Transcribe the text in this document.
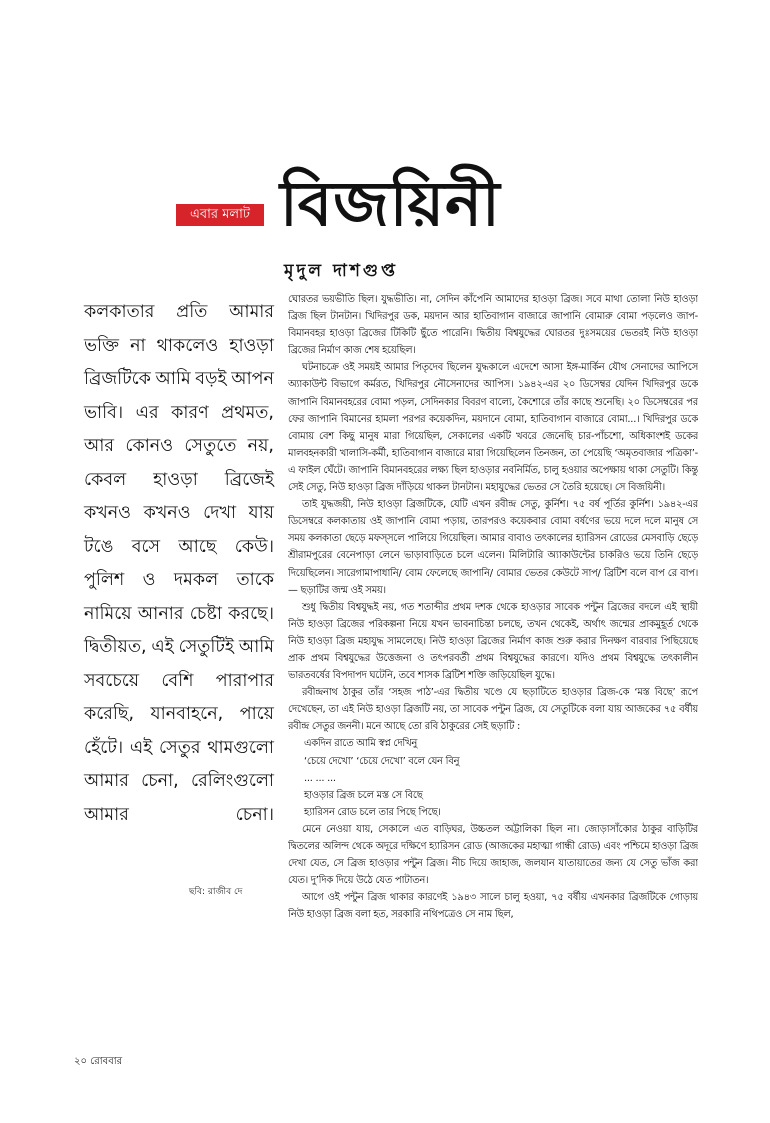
এবার মলাট বিজয়িনী
মৃদুল দাশগুপ্ত

কলকাতার প্রতি আমার ভক্তি না থাকলেও হাওড়া ব্রিজটিকে আমি বড়ই আপন ভাবি। এর কারণ প্রথমত, আর কোনও সেতুতে নয়, কেবল হাওড়া ব্রিজেই কখনও কখনও দেখা যায় টঙে বসে আছে কেউ। পুলিশ ও দমকল তাকে নামিয়ে আনার চেষ্টা করছে। দ্বিতীয়ত, এই সেতুটিই আমি সবচেয়ে বেশি পারাপার করেছি, যানবাহনে, পায়ে হেঁটে। এই সেতুর থামগুলো আমার চেনা, রেলিংগুলো আমার চেনা।

ছবি: রাজীব দে

ঘোরতর ভয়ভীতি ছিল। যুদ্ধভীতি। না, সেদিন কাঁপেনি আমাদের হাওড়া ব্রিজ। সবে মাথা তোলা নিউ হাওড়া ব্রিজ ছিল টানটান। খিদিরপুর ডক, ময়দান আর হাতিবাগান বাজারে জাপানি বোমারু বোমা পড়লেও জাপ-বিমানবহর হাওড়া ব্রিজের টিকিটি ছুঁতে পারেনি। দ্বিতীয় বিশ্বযুদ্ধের ঘোরতর দুঃসময়ের ভেতরই নিউ হাওড়া ব্রিজের নির্মাণ কাজ শেষ হয়েছিল।

ঘটনাচক্রে ওই সময়ই আমার পিতৃদেব ছিলেন যুদ্ধকালে এদেশে আসা ইঙ্গ-মার্কিন যৌথ সেনাদের আপিসে অ্যাকাউন্ট বিভাগে কর্মরত, খিদিরপুর নৌসেনাদের আপিস। ১৯৪২-এর ২০ ডিসেম্বর যেদিন খিদিরপুর ডকে জাপানি বিমানবহরের বোমা পড়ল, সেদিনকার বিবরণ বাল্যে, কৈশোরে তাঁর কাছে শুনেছি। ২০ ডিসেম্বরের পর ফের জাপানি বিমানের হামলা পরপর কয়েকদিন, ময়দানে বোমা, হাতিবাগান বাজারে বোমা...। খিদিরপুর ডকে বোমায় বেশ কিছু মানুষ মারা গিয়েছিল, সেকালের একটি খবরে জেনেছি চার-পাঁচশো, অধিকাংশই ডকের মালবহনকারী খালাসি-কর্মী, হাতিবাগান বাজারে মারা গিয়েছিলেন তিনজন, তা পেয়েছি ‘অমৃতবাজার পত্রিকা’-এ ফাইল ঘেঁটে। জাপানি বিমানবহরের লক্ষ্য ছিল হাওড়ার নবনির্মিত, চালু হওয়ার অপেক্ষায় থাকা সেতুটি। কিন্তু সেই সেতু, নিউ হাওড়া ব্রিজ দাঁড়িয়ে থাকল টানটান। মহাযুদ্ধের ভেতর সে তৈরি হয়েছে। সে বিজয়িনী।

তাই যুদ্ধজয়ী, নিউ হাওড়া ব্রিজটিকে, যেটি এখন রবীন্দ্র সেতু, কুর্নিশ। ৭৫ বর্ষ পূর্তির কুর্নিশ। ১৯৪২-এর ডিসেম্বরে কলকাতায় ওই জাপানি বোমা পড়ায়, তারপরও কয়েকবার বোমা বর্ষণের ভয়ে দলে দলে মানুষ সে সময় কলকাতা ছেড়ে মফস্সলে পালিয়ে গিয়েছিল। আমার বাবাও তৎকালের হ্যারিসন রোডের মেসবাড়ি ছেড়ে শ্রীরামপুরের বেনেপাড়া লেনে ভাড়াবাড়িতে চলে এলেন। মিলিটারি অ্যাকাউন্টের চাকরিও ভয়ে তিনি ছেড়ে দিয়েছিলেন। সারেগামাপাধানি/ বোম ফেলেছে জাপানি/ বোমার ভেতর কেউটে সাপ/ ব্রিটিশ বলে বাপ রে বাপ।— ছড়াটির জন্ম ওই সময়।

শুধু দ্বিতীয় বিশ্বযুদ্ধই নয়, গত শতাব্দীর প্রথম দশক থেকে হাওড়ার সাবেক পন্টুন ব্রিজের বদলে এই স্থায়ী নিউ হাওড়া ব্রিজের পরিকল্পনা নিয়ে যখন ভাবনাচিন্তা চলছে, তখন থেকেই, অর্থাৎ জন্মের প্রাকমুহূর্ত থেকে নিউ হাওড়া ব্রিজ মহাযুদ্ধ সামলেছে। নিউ হাওড়া ব্রিজের নির্মাণ কাজ শুরু করার দিনক্ষণ বারবার পিছিয়েছে প্রাক প্রথম বিশ্বযুদ্ধের উত্তেজনা ও তৎপরবর্তী প্রথম বিশ্বযুদ্ধের কারণে। যদিও প্রথম বিশ্বযুদ্ধে তৎকালীন ভারতবর্ষের বিপদাপদ ঘটেনি, তবে শাসক ব্রিটিশ শক্তি জড়িয়েছিল যুদ্ধে।

রবীন্দ্রনাথ ঠাকুর তাঁর ‘সহজ পাঠ’-এর দ্বিতীয় খণ্ডে যে ছড়াটিতে হাওড়ার ব্রিজ-কে ‘মস্ত বিছে’ রূপে দেখেছেন, তা এই নিউ হাওড়া ব্রিজটি নয়, তা সাবেক পন্টুন ব্রিজ, যে সেতুটিকে বলা যায় আজকের ৭৫ বর্ষীয় রবীন্দ্র সেতুর জননী। মনে আছে তো রবি ঠাকুরের সেই ছড়াটি :

একদিন রাতে আমি স্বপ্ন দেখিনু
‘চেয়ে দেখো’ ‘চেয়ে দেখো’ বলে যেন বিনু
... ... ...
হাওড়ার ব্রিজ চলে মস্ত সে বিছে
হ্যারিসন রোড চলে তার পিছে পিছে।

মেনে নেওয়া যায়, সেকালে এত বাড়িঘর, উচ্চতল অট্টালিকা ছিল না। জোড়াসাঁকোর ঠাকুর বাড়িটির দ্বিতলের অলিন্দ থেকে অদূরে দক্ষিণে হ্যারিসন রোড (আজকের মহাত্মা গান্ধী রোড) এবং পশ্চিমে হাওড়া ব্রিজ দেখা যেত, সে ব্রিজ হাওড়ার পন্টুন ব্রিজ। নীচ দিয়ে জাহাজ, জলযান যাতায়াতের জন্য যে সেতু ভাঁজ করা যেত। দু’দিক দিয়ে উঠে যেত পাটাতন।

আগে ওই পন্টুন ব্রিজ থাকার কারণেই ১৯৪৩ সালে চালু হওয়া, ৭৫ বর্ষীয় এখনকার ব্রিজটিকে গোড়ায় নিউ হাওড়া ব্রিজ বলা হত, সরকারি নথিপত্রেও সে নাম ছিল,

২০ রোববার
